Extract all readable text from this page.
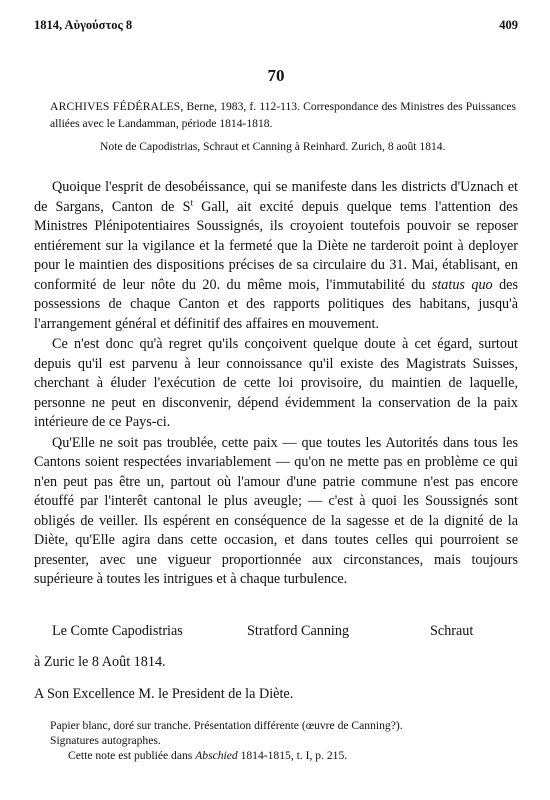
1814, Αὐγούστος 8	409
70
ARCHIVES FÉDÉRALES, Berne, 1983, f. 112-113. Correspondance des Ministres des Puissances alliées avec le Landamman, période 1814-1818.
Note de Capodistrias, Schraut et Canning à Reinhard. Zurich, 8 août 1814.

Quoique l'esprit de desobéissance, qui se manifeste dans les districts d'Uznach et de Sargans, Canton de $S^t$ Gall, ait excité depuis quelque tems l'attention des Ministres Plénipotentiaires Soussignés, ils croyoient toutefois pouvoir se reposer entiérement sur la vigilance et la fermeté que la Diète ne tarderoit point à deployer pour le maintien des dispositions précises de sa circulaire du 31. Mai, établisant, en conformité de leur nôte du 20. du même mois, l'immutabilité du status quo des possessions de chaque Canton et des rapports politiques des habitans, jusqu'à l'arrangement général et définitif des affaires en mouvement.

Ce n'est donc qu'à regret qu'ils conçoivent quelque doute à cet égard, surtout depuis qu'il est parvenu à leur connoissance qu'il existe des Magistrats Suisses, cherchant à éluder l'exécution de cette loi provisoire, du maintien de laquelle, personne ne peut en disconvenir, dépend évidemment la conservation de la paix intérieure de ce Pays-ci.

Qu'Elle ne soit pas troublée, cette paix — que toutes les Autorités dans tous les Cantons soient respectées invariablement — qu'on ne mette pas en problème ce qui n'en peut pas être un, partout où l'amour d'une patrie commune n'est pas encore étouffé par l'interêt cantonal le plus aveugle; — c'est à quoi les Soussignés sont obligés de veiller. Ils espérent en conséquence de la sagesse et de la dignité de la Diète, qu'Elle agira dans cette occasion, et dans toutes celles qui pourroient se presenter, avec une vigueur proportionnée aux circonstances, mais toujours supérieure à toutes les intrigues et à chaque turbulence.

Le Comte Capodistrias	Stratford Canning	Schraut
à Zuric le 8 Août 1814.
A Son Excellence M. le President de la Diète.
Papier blanc, doré sur tranche. Présentation différente (œuvre de Canning?).
Signatures autographes.
Cette note est publiée dans Abschied 1814-1815, t. I, p. 215.
